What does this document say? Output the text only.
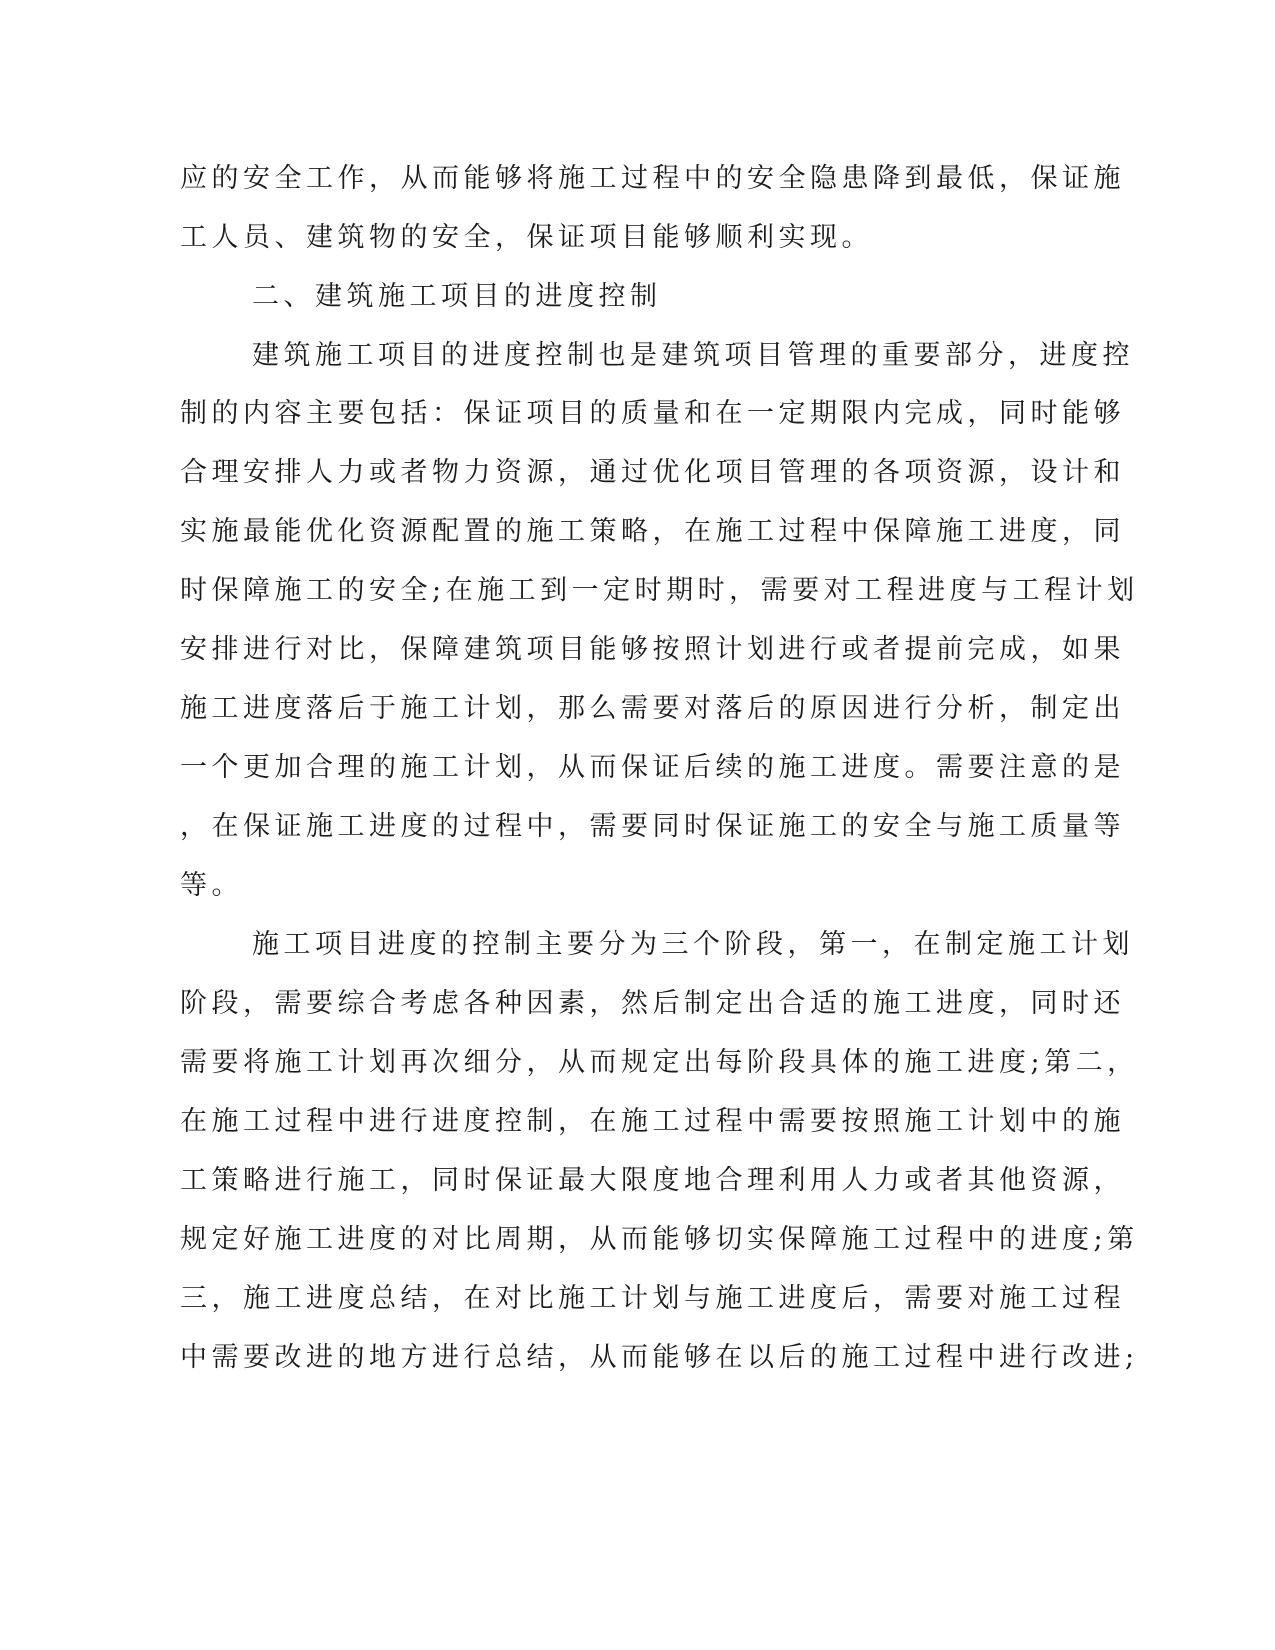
应的安全工作，从而能够将施工过程中的安全隐患降到最低，保证施
工人员、建筑物的安全，保证项目能够顺利实现。
二、建筑施工项目的进度控制
建筑施工项目的进度控制也是建筑项目管理的重要部分，进度控
制的内容主要包括：保证项目的质量和在一定期限内完成，同时能够
合理安排人力或者物力资源，通过优化项目管理的各项资源，设计和
实施最能优化资源配置的施工策略，在施工过程中保障施工进度，同
时保障施工的安全;在施工到一定时期时，需要对工程进度与工程计划
安排进行对比，保障建筑项目能够按照计划进行或者提前完成，如果
施工进度落后于施工计划，那么需要对落后的原因进行分析，制定出
一个更加合理的施工计划，从而保证后续的施工进度。需要注意的是
，在保证施工进度的过程中，需要同时保证施工的安全与施工质量等
等。
施工项目进度的控制主要分为三个阶段，第一，在制定施工计划
阶段，需要综合考虑各种因素，然后制定出合适的施工进度，同时还
需要将施工计划再次细分，从而规定出每阶段具体的施工进度;第二，
在施工过程中进行进度控制，在施工过程中需要按照施工计划中的施
工策略进行施工，同时保证最大限度地合理利用人力或者其他资源，
规定好施工进度的对比周期，从而能够切实保障施工过程中的进度;第
三，施工进度总结，在对比施工计划与施工进度后，需要对施工过程
中需要改进的地方进行总结，从而能够在以后的施工过程中进行改进;
